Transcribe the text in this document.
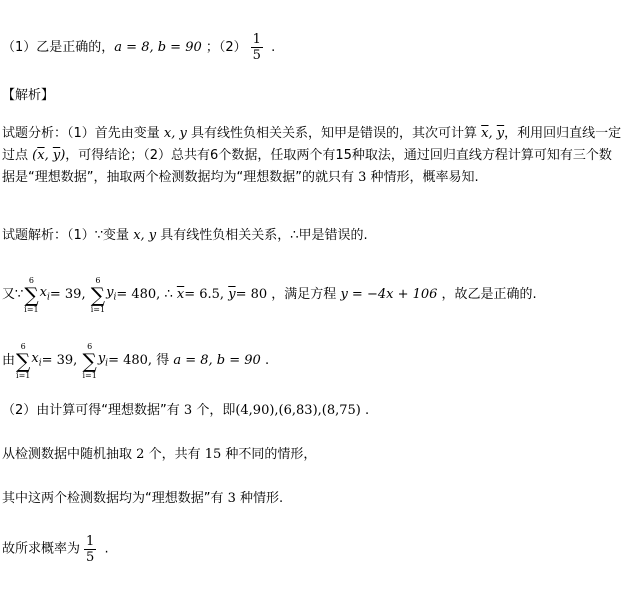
（1）乙是正确的，a = 8, b = 90 ；$(2) \frac{1}{5}$ .
【解析】
试题分析：（1）首先由变量 x, y 具有线性负相关关系，知甲是错误的，其次可计算 $\overline{x}$, $\overline{y}$，利用回归直线一定过点 ($\overline{x}$, $\overline{y}$)，可得结论；（2）总共有6个数据，任取两个有15种取法，通过回归直线方程计算可知有三个数据是“理想数据”，抽取两个检测数据均为“理想数据”的就只有 3 种情形，概率易知.
试题解析：（1）∵变量 x, y 具有线性负相关关系，∴甲是错误的.
又∵
6
∑
i=1
$x_i= 39$,
6
∑
i=1
$y_i= 480$, ∴ $\overline{x}= 6.5$, $\overline{y}= 80$ ，满足方程 y = −4x + 106 ，故乙是正确的.
由
6
∑
i=1
$x_i= 39$,
6
∑
i=1
$y_i= 480$, 得 a = 8, b = 90 .
（2）由计算可得“理想数据”有 3 个，即(4,90),(6,83),(8,75) .
从检测数据中随机抽取 2 个，共有 15 种不同的情形，
其中这两个检测数据均为“理想数据”有 3 种情形.
故所求概率为 $\frac{1}{5}$ .
